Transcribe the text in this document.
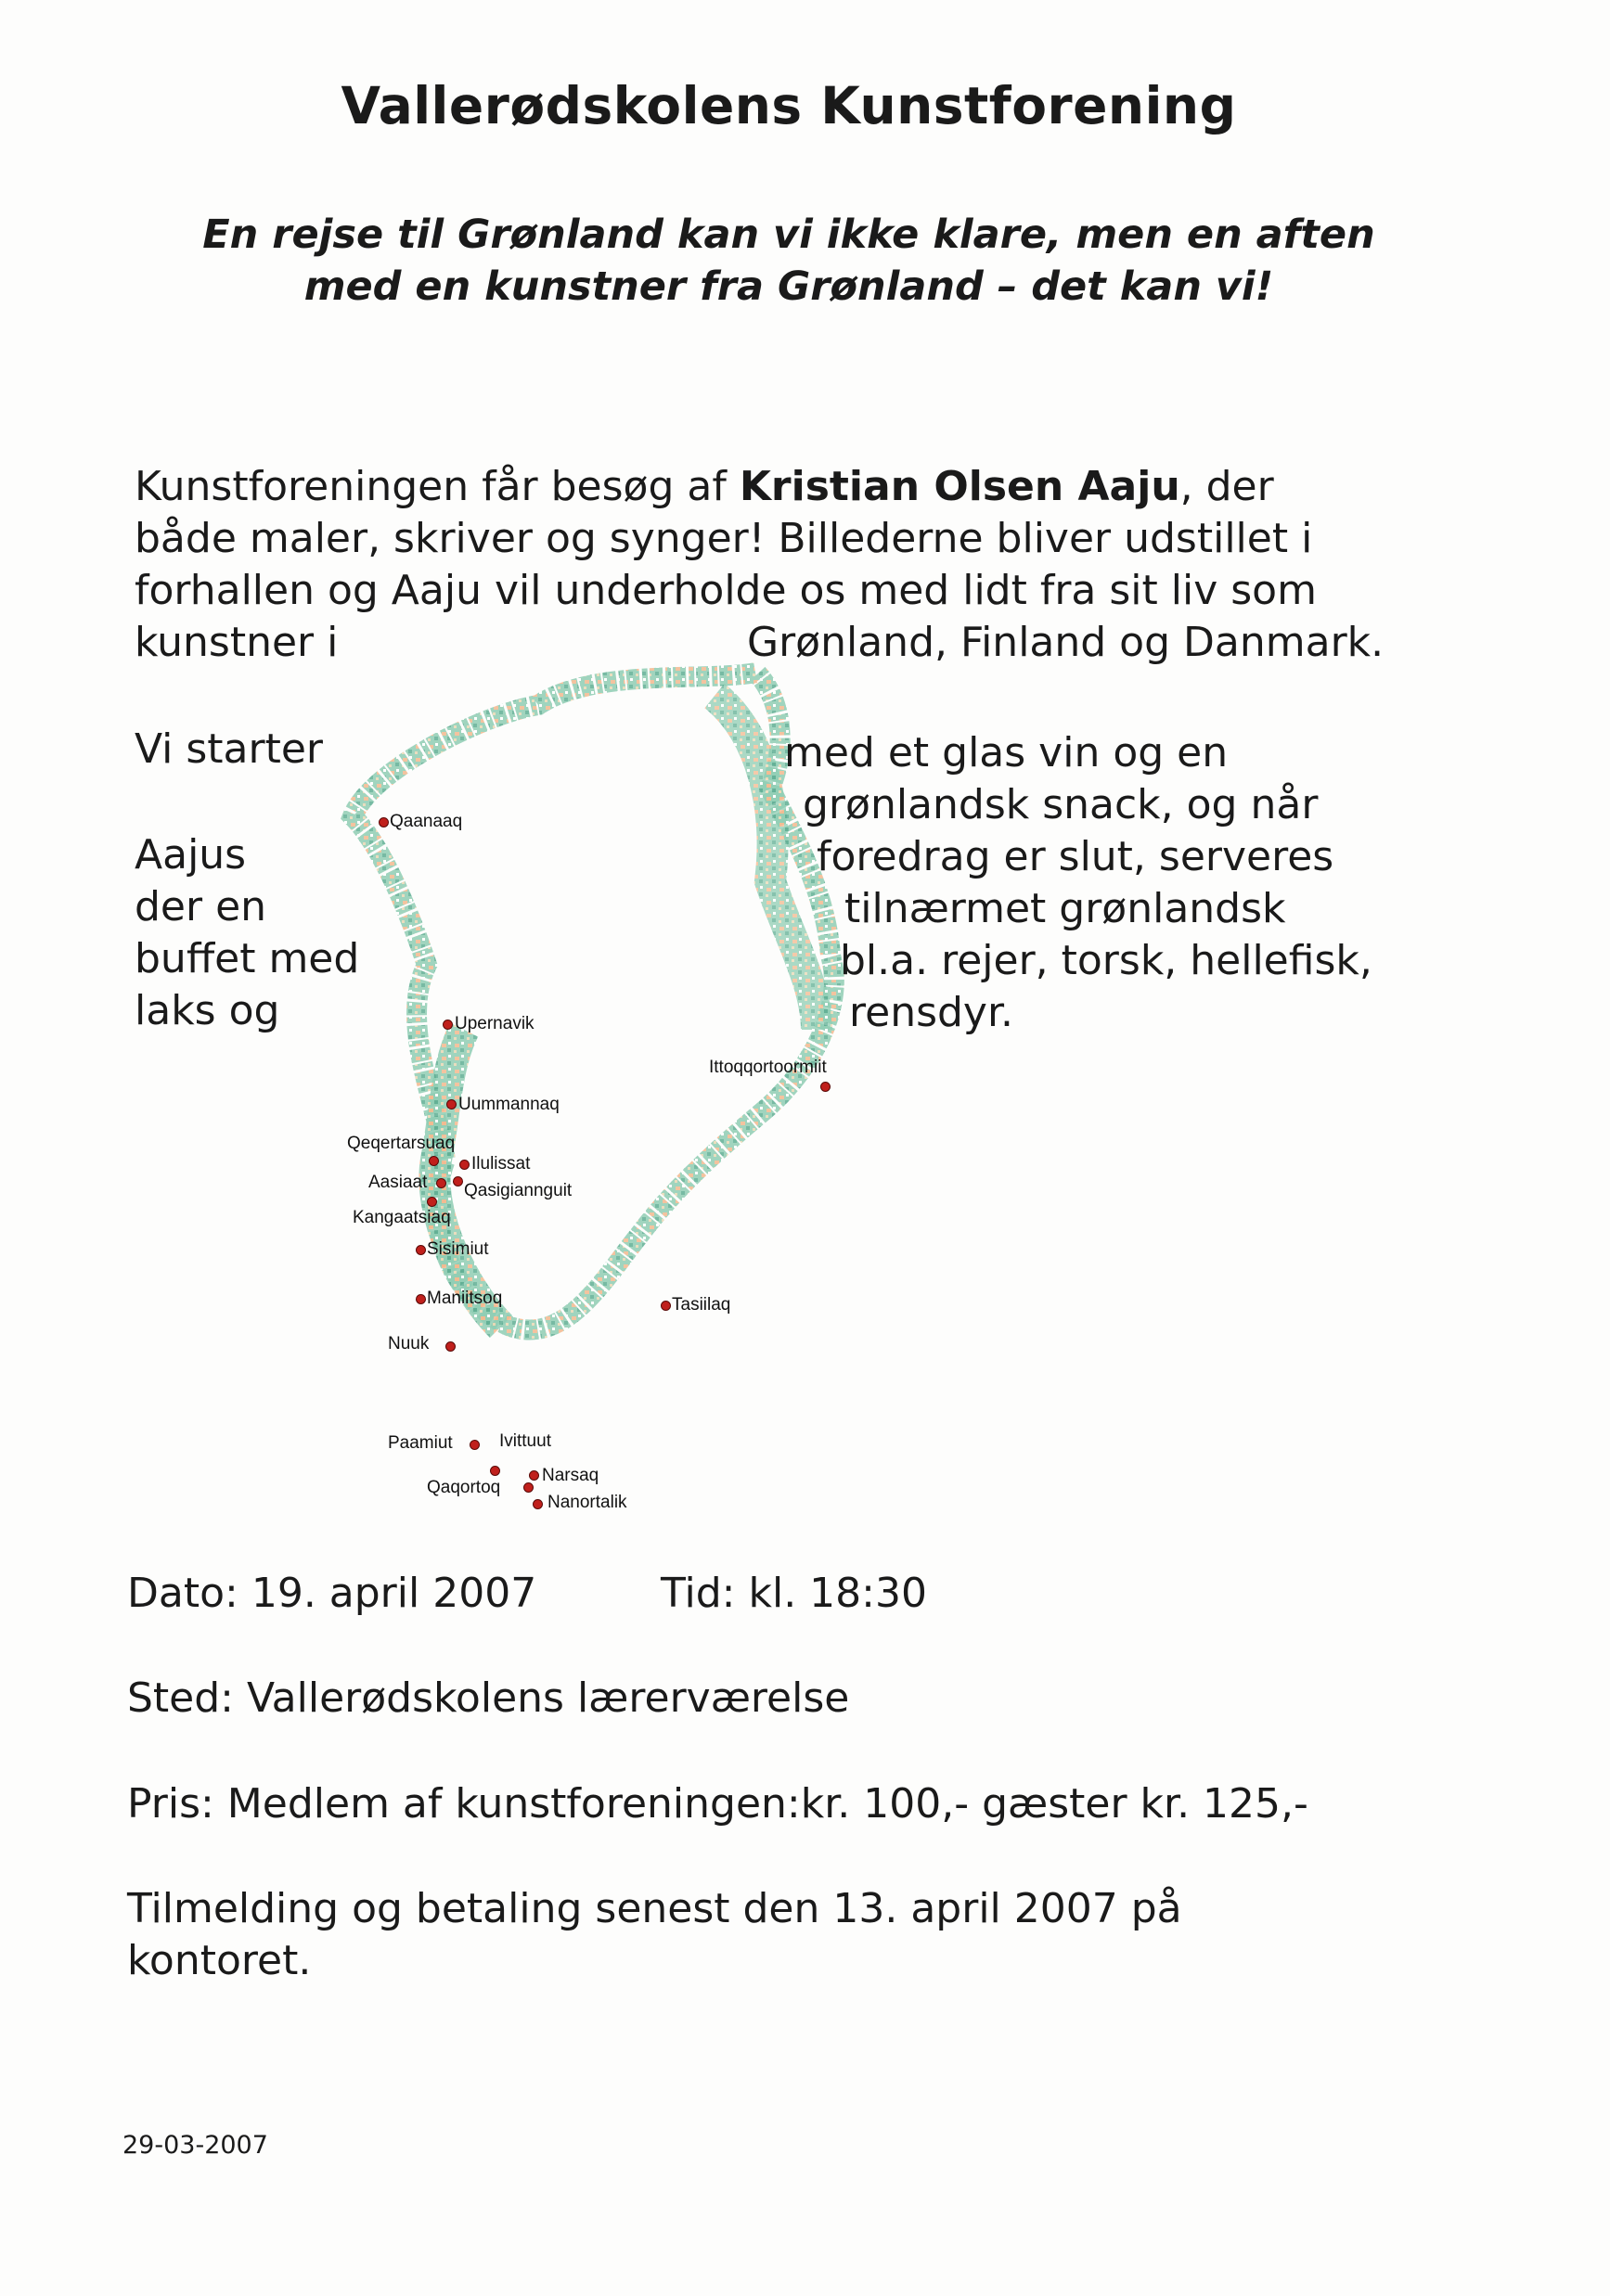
Vallerødskolens Kunstforening
En rejse til Grønland kan vi ikke klare, men en aften
med en kunstner fra Grønland – det kan vi!
Kunstforeningen får besøg af Kristian Olsen Aaju, der
både maler, skriver og synger! Billederne bliver udstillet i
forhallen og Aaju vil underholde os med lidt fra sit liv som
kunstner i	Grønland, Finland og Danmark.
Qaanaaq
Upernavik
Uummannaq
Ittoqqortoormiit
Qeqertarsuaq
Ilulissat
Aasiaat Qasigiannguit
Kangaatsiaq
Sisimiut
Maniitsoq	Tasiilaq
Nuuk
Paamiut	Ivittuut
Narsaq
Qaqortoq
Nanortalik
Vi starter
Aajus
der en
buffet med
laks og
med et glas vin og en
grønlandsk snack, og når
foredrag er slut, serveres
tilnærmet grønlandsk
bl.a. rejer, torsk, hellefisk,
rensdyr.
Dato: 19. april 2007	Tid: kl. 18:30
Sted: Vallerødskolens lærerværelse
Pris: Medlem af kunstforeningen:kr. 100,- gæster kr. 125,-
Tilmelding og betaling senest den 13. april 2007 på
kontoret.
29-03-2007
